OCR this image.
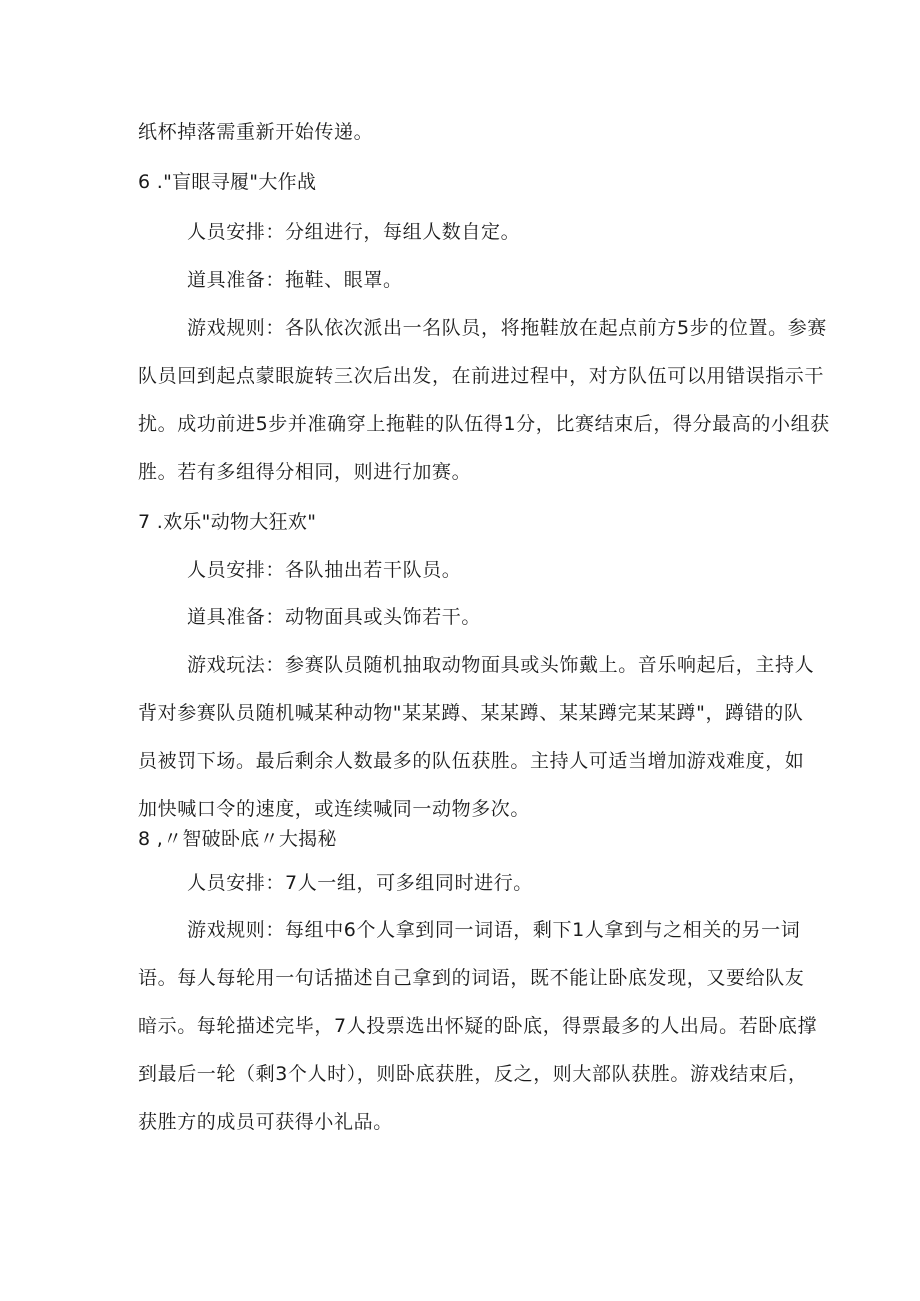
纸杯掉落需重新开始传递。
6 ."盲眼寻履"大作战
人员安排：分组进行，每组人数自定。
道具准备：拖鞋、眼罩。
游戏规则：各队依次派出一名队员，将拖鞋放在起点前方5步的位置。参赛
队员回到起点蒙眼旋转三次后出发，在前进过程中，对方队伍可以用错误指示干
扰。成功前进5步并准确穿上拖鞋的队伍得1分，比赛结束后，得分最高的小组获
胜。若有多组得分相同，则进行加赛。
7 .欢乐"动物大狂欢"
人员安排：各队抽出若干队员。
道具准备：动物面具或头饰若干。
游戏玩法：参赛队员随机抽取动物面具或头饰戴上。音乐响起后，主持人
背对参赛队员随机喊某种动物"某某蹲、某某蹲、某某蹲完某某蹲"，蹲错的队
员被罚下场。最后剩余人数最多的队伍获胜。主持人可适当增加游戏难度，如
加快喊口令的速度，或连续喊同一动物多次。
8 ,〃智破卧底〃大揭秘
人员安排：7人一组，可多组同时进行。
游戏规则：每组中6个人拿到同一词语，剩下1人拿到与之相关的另一词
语。每人每轮用一句话描述自己拿到的词语，既不能让卧底发现，又要给队友
暗示。每轮描述完毕，7人投票选出怀疑的卧底，得票最多的人出局。若卧底撑
到最后一轮（剩3个人时），则卧底获胜，反之，则大部队获胜。游戏结束后，
获胜方的成员可获得小礼品。
